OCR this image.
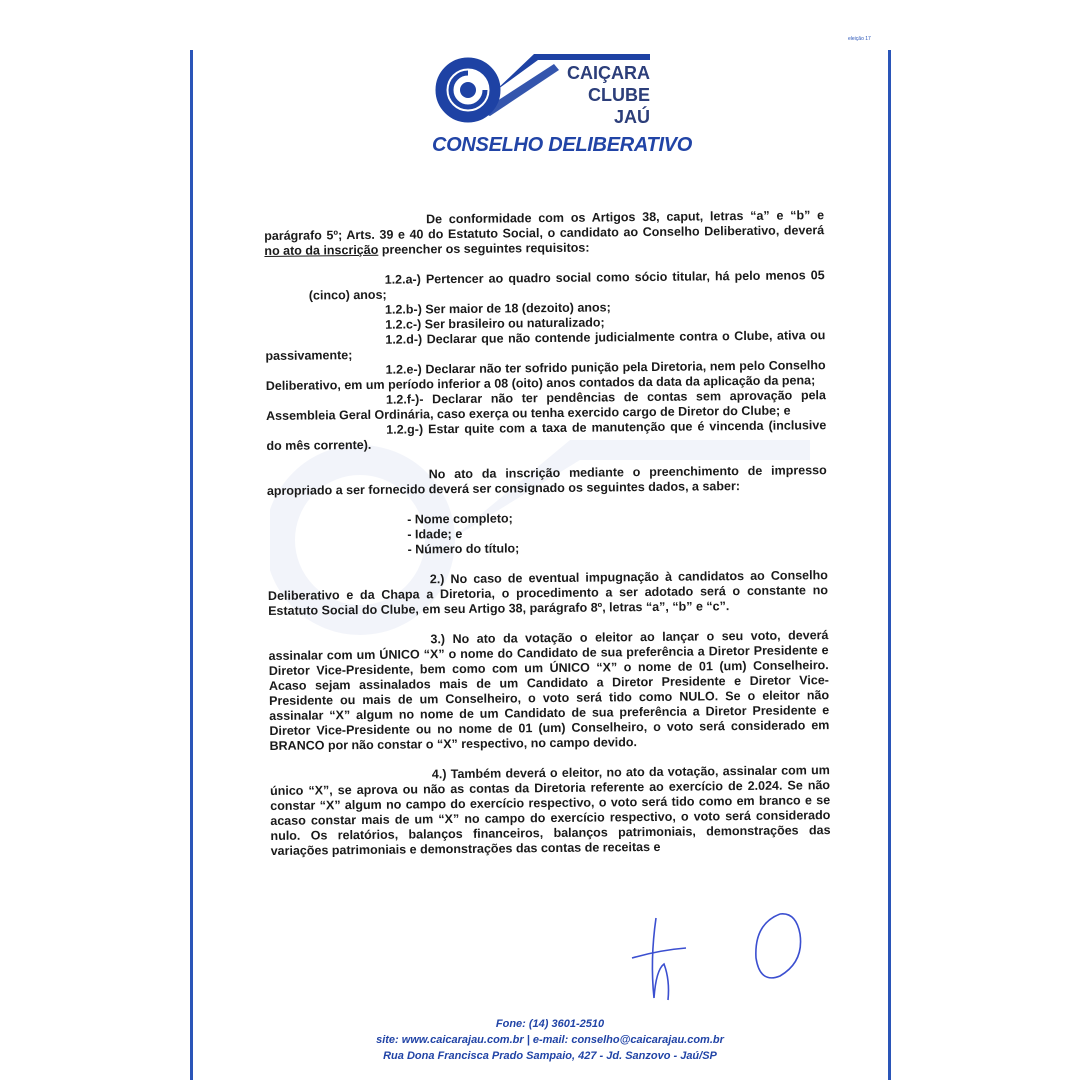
eleição 17
CAIÇARA
CLUBE
JAÚ
CONSELHO DELIBERATIVO

De conformidade com os Artigos 38, caput, letras “a” e “b” e parágrafo 5º; Arts. 39 e 40 do Estatuto Social, o candidato ao Conselho Deliberativo, deverá no ato da inscrição preencher os seguintes requisitos:

1.2.a-) Pertencer ao quadro social como sócio titular, há pelo menos 05 (cinco) anos;

1.2.b-) Ser maior de 18 (dezoito) anos;

1.2.c-) Ser brasileiro ou naturalizado;

1.2.d-) Declarar que não contende judicialmente contra o Clube, ativa ou passivamente;

1.2.e-) Declarar não ter sofrido punição pela Diretoria, nem pelo Conselho Deliberativo, em um período inferior a 08 (oito) anos contados da data da aplicação da pena;

1.2.f-)- Declarar não ter pendências de contas sem aprovação pela Assembleia Geral Ordinária, caso exerça ou tenha exercido cargo de Diretor do Clube; e

1.2.g-) Estar quite com a taxa de manutenção que é vincenda (inclusive do mês corrente).

No ato da inscrição mediante o preenchimento de impresso apropriado a ser fornecido deverá ser consignado os seguintes dados, a saber:

- Nome completo;

- Idade; e

- Número do título;

2.) No caso de eventual impugnação à candidatos ao Conselho Deliberativo e da Chapa a Diretoria, o procedimento a ser adotado será o constante no Estatuto Social do Clube, em seu Artigo 38, parágrafo 8º, letras “a”, “b” e “c”.

3.) No ato da votação o eleitor ao lançar o seu voto, deverá assinalar com um ÚNICO “X” o nome do Candidato de sua preferência a Diretor Presidente e Diretor Vice-Presidente, bem como com um ÚNICO “X” o nome de 01 (um) Conselheiro. Acaso sejam assinalados mais de um Candidato a Diretor Presidente e Diretor Vice-Presidente ou mais de um Conselheiro, o voto será tido como NULO. Se o eleitor não assinalar “X” algum no nome de um Candidato de sua preferência a Diretor Presidente e Diretor Vice-Presidente ou no nome de 01 (um) Conselheiro, o voto será considerado em BRANCO por não constar o “X” respectivo, no campo devido.

4.) Também deverá o eleitor, no ato da votação, assinalar com um único “X”, se aprova ou não as contas da Diretoria referente ao exercício de 2.024. Se não constar “X” algum no campo do exercício respectivo, o voto será tido como em branco e se acaso constar mais de um “X” no campo do exercício respectivo, o voto será considerado nulo. Os relatórios, balanços financeiros, balanços patrimoniais, demonstrações das variações patrimoniais e demonstrações das contas de receitas e

Fone: (14) 3601-2510
site: www.caicarajau.com.br | e-mail: conselho@caicarajau.com.br
Rua Dona Francisca Prado Sampaio, 427 - Jd. Sanzovo - Jaú/SP
